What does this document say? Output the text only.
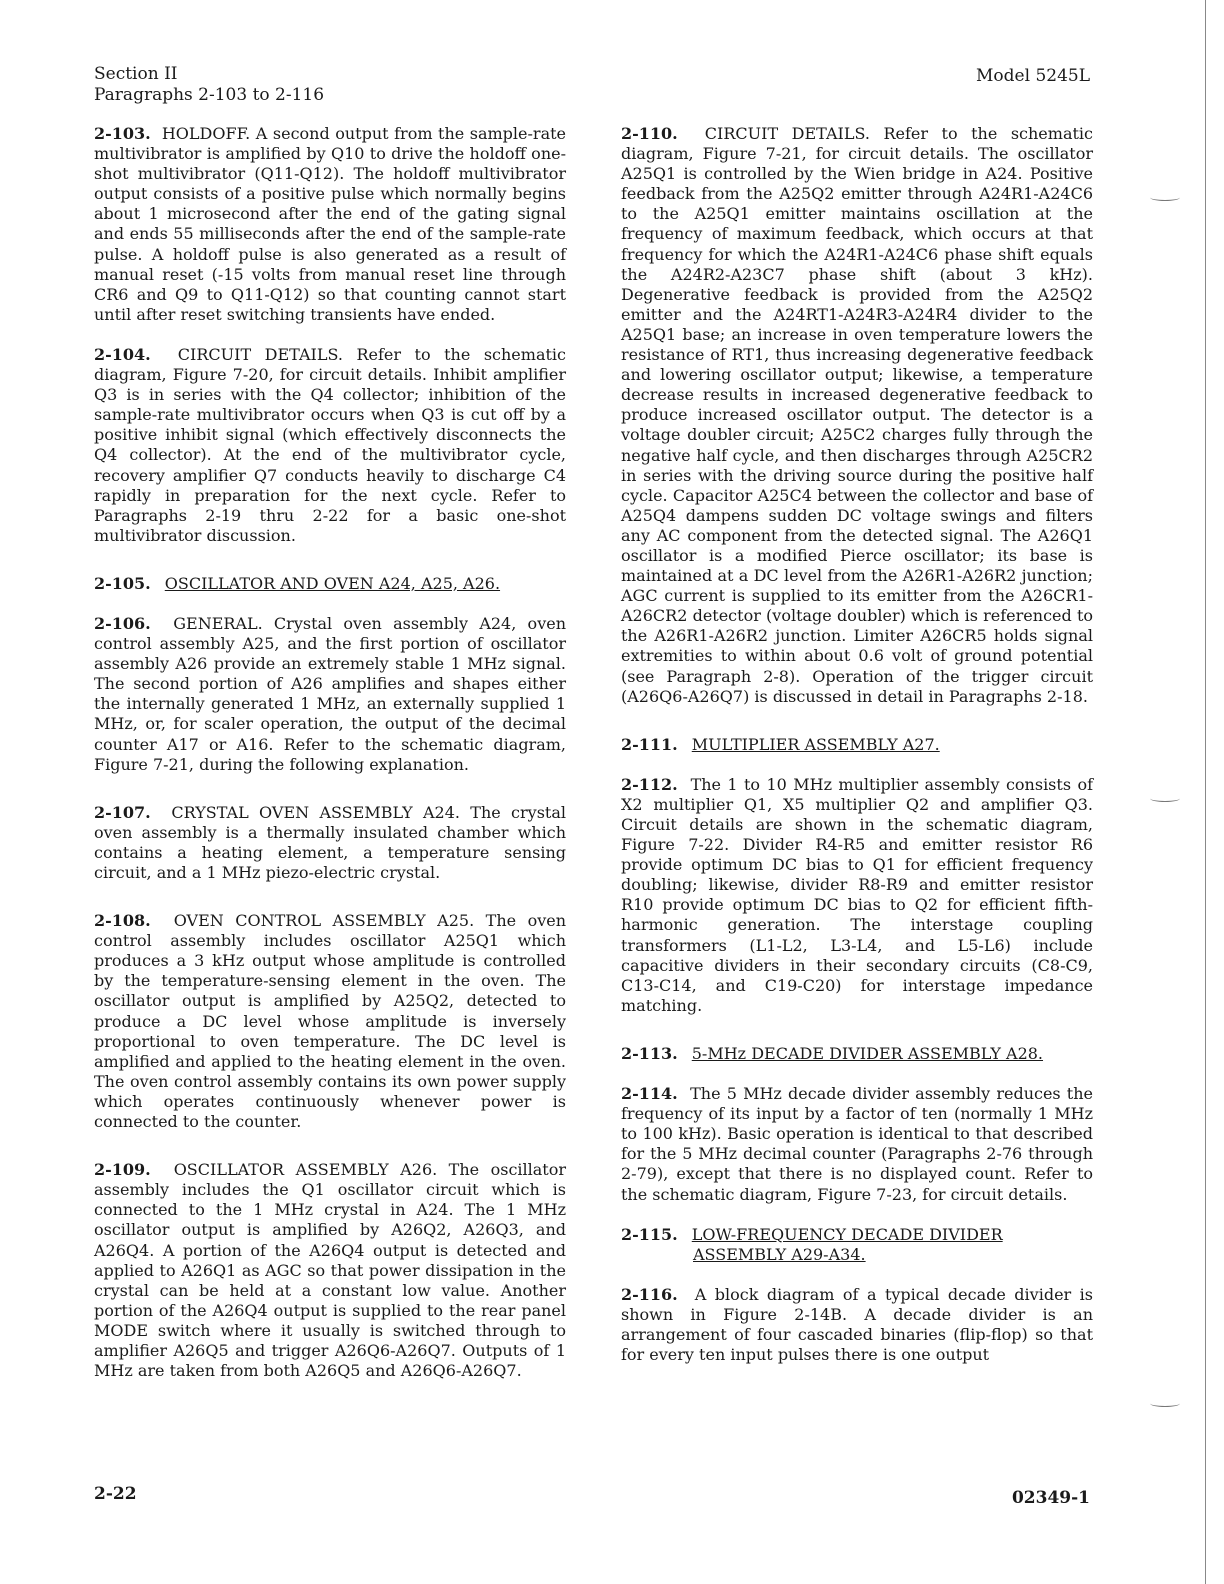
Section II
Paragraphs 2-103 to 2-116
Model 5245L

2-103. HOLDOFF. A second output from the sample-rate multivibrator is amplified by Q10 to drive the holdoff one-shot multivibrator (Q11-Q12). The holdoff multivibrator output consists of a positive pulse which normally begins about 1 microsecond after the end of the gating signal and ends 55 milliseconds after the end of the sample-rate pulse. A holdoff pulse is also generated as a result of manual reset (-15 volts from manual reset line through CR6 and Q9 to Q11-Q12) so that counting cannot start until after reset switching transients have ended.

2-104. CIRCUIT DETAILS. Refer to the schematic diagram, Figure 7-20, for circuit details. Inhibit amplifier Q3 is in series with the Q4 collector; inhibition of the sample-rate multivibrator occurs when Q3 is cut off by a positive inhibit signal (which effectively disconnects the Q4 collector). At the end of the multivibrator cycle, recovery amplifier Q7 conducts heavily to discharge C4 rapidly in preparation for the next cycle. Refer to Paragraphs 2-19 thru 2-22 for a basic one-shot multivibrator discussion.

2-105. OSCILLATOR AND OVEN A24, A25, A26.

2-106. GENERAL. Crystal oven assembly A24, oven control assembly A25, and the first portion of oscillator assembly A26 provide an extremely stable 1 MHz signal. The second portion of A26 amplifies and shapes either the internally generated 1 MHz, an externally supplied 1 MHz, or, for scaler operation, the output of the decimal counter A17 or A16. Refer to the schematic diagram, Figure 7-21, during the following explanation.

2-107. CRYSTAL OVEN ASSEMBLY A24. The crystal oven assembly is a thermally insulated chamber which contains a heating element, a temperature sensing circuit, and a 1 MHz piezo-electric crystal.

2-108. OVEN CONTROL ASSEMBLY A25. The oven control assembly includes oscillator A25Q1 which produces a 3 kHz output whose amplitude is controlled by the temperature-sensing element in the oven. The oscillator output is amplified by A25Q2, detected to produce a DC level whose amplitude is inversely proportional to oven temperature. The DC level is amplified and applied to the heating element in the oven. The oven control assembly contains its own power supply which operates continuously whenever power is connected to the counter.

2-109. OSCILLATOR ASSEMBLY A26. The oscillator assembly includes the Q1 oscillator circuit which is connected to the 1 MHz crystal in A24. The 1 MHz oscillator output is amplified by A26Q2, A26Q3, and A26Q4. A portion of the A26Q4 output is detected and applied to A26Q1 as AGC so that power dissipation in the crystal can be held at a constant low value. Another portion of the A26Q4 output is supplied to the rear panel MODE switch where it usually is switched through to amplifier A26Q5 and trigger A26Q6-A26Q7. Outputs of 1 MHz are taken from both A26Q5 and A26Q6-A26Q7.

2-110. CIRCUIT DETAILS. Refer to the schematic diagram, Figure 7-21, for circuit details. The oscillator A25Q1 is controlled by the Wien bridge in A24. Positive feedback from the A25Q2 emitter through A24R1-A24C6 to the A25Q1 emitter maintains oscillation at the frequency of maximum feedback, which occurs at that frequency for which the A24R1-A24C6 phase shift equals the A24R2-A23C7 phase shift (about 3 kHz). Degenerative feedback is provided from the A25Q2 emitter and the A24RT1-A24R3-A24R4 divider to the A25Q1 base; an increase in oven temperature lowers the resistance of RT1, thus increasing degenerative feedback and lowering oscillator output; likewise, a temperature decrease results in increased degenerative feedback to produce increased oscillator output. The detector is a voltage doubler circuit; A25C2 charges fully through the negative half cycle, and then discharges through A25CR2 in series with the driving source during the positive half cycle. Capacitor A25C4 between the collector and base of A25Q4 dampens sudden DC voltage swings and filters any AC component from the detected signal. The A26Q1 oscillator is a modified Pierce oscillator; its base is maintained at a DC level from the A26R1-A26R2 junction; AGC current is supplied to its emitter from the A26CR1-A26CR2 detector (voltage doubler) which is referenced to the A26R1-A26R2 junction. Limiter A26CR5 holds signal extremities to within about 0.6 volt of ground potential (see Paragraph 2-8). Operation of the trigger circuit (A26Q6-A26Q7) is discussed in detail in Paragraphs 2-18.

2-111. MULTIPLIER ASSEMBLY A27.

2-112. The 1 to 10 MHz multiplier assembly consists of X2 multiplier Q1, X5 multiplier Q2 and amplifier Q3. Circuit details are shown in the schematic diagram, Figure 7-22. Divider R4-R5 and emitter resistor R6 provide optimum DC bias to Q1 for efficient frequency doubling; likewise, divider R8-R9 and emitter resistor R10 provide optimum DC bias to Q2 for efficient fifth-harmonic generation. The interstage coupling transformers (L1-L2, L3-L4, and L5-L6) include capacitive dividers in their secondary circuits (C8-C9, C13-C14, and C19-C20) for interstage impedance matching.

2-113. 5-MHz DECADE DIVIDER ASSEMBLY A28.

2-114. The 5 MHz decade divider assembly reduces the frequency of its input by a factor of ten (normally 1 MHz to 100 kHz). Basic operation is identical to that described for the 5 MHz decimal counter (Paragraphs 2-76 through 2-79), except that there is no displayed count. Refer to the schematic diagram, Figure 7-23, for circuit details.

2-115. LOW-FREQUENCY DECADE DIVIDER
ASSEMBLY A29-A34.

2-116. A block diagram of a typical decade divider is shown in Figure 2-14B. A decade divider is an arrangement of four cascaded binaries (flip-flop) so that for every ten input pulses there is one output

2-22	02349-1
